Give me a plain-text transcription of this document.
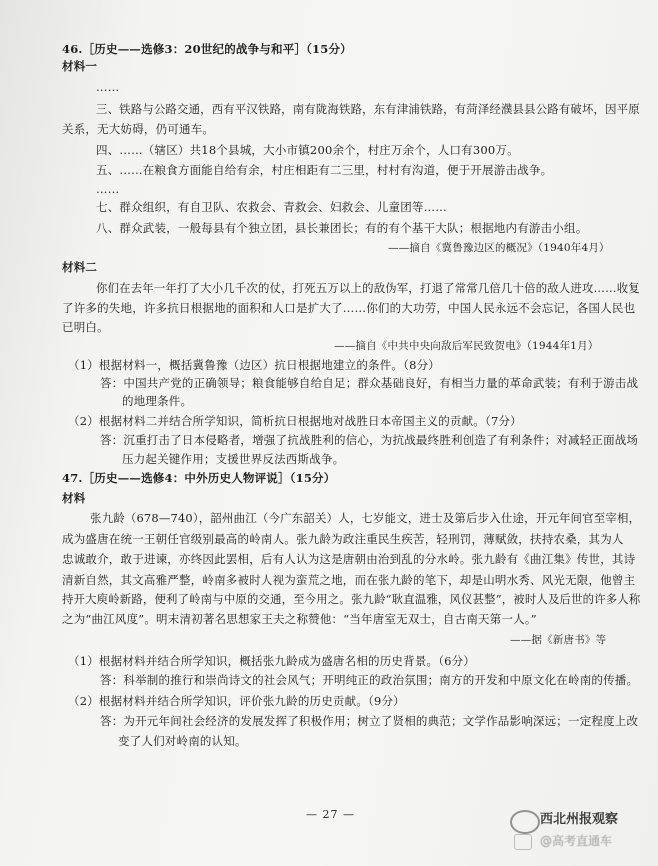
46.［历史——选修3：20世纪的战争与和平］（15分）
材料一
……
三、铁路与公路交通，西有平汉铁路，南有陇海铁路，东有津浦铁路，有菏泽经濮县县公路有破坏，因平原
关系，无大妨碍，仍可通车。
四、……（辖区）共18个县城，大小市镇200余个，村庄万余个，人口有300万。
五、……在粮食方面能自给有余，村庄相距有二三里，村村有沟道，便于开展游击战争。
……
七、群众组织，有自卫队、农救会、青救会、妇救会、儿童团等……
八、群众武装，一般每县有个独立团，县长兼团长；有的有个基干大队；根据地内有游击小组。
——摘自《冀鲁豫边区的概况》（1940年4月）
材料二
你们在去年一年打了大小几千次的仗，打死五万以上的敌伪军，打退了常常几倍几十倍的敌人进攻……收复
了许多的失地，许多抗日根据地的面积和人口是扩大了……你们的大功劳，中国人民永远不会忘记，各国人民也
已明白。
——摘自《中共中央向敌后军民致贺电》（1944年1月）
（1）根据材料一，概括冀鲁豫（边区）抗日根据地建立的条件。（8分）
答：中国共产党的正确领导；粮食能够自给自足；群众基础良好，有相当力量的革命武装；有利于游击战
的地理条件。
（2）根据材料二并结合所学知识，简析抗日根据地对战胜日本帝国主义的贡献。（7分）
答：沉重打击了日本侵略者，增强了抗战胜利的信心，为抗战最终胜利创造了有利条件；对减轻正面战场
压力起关键作用；支援世界反法西斯战争。
47.［历史——选修4：中外历史人物评说］（15分）
材料
张九龄（678—740），韶州曲江（今广东韶关）人，七岁能文，进士及第后步入仕途，开元年间官至宰相，
成为盛唐在统一王朝任官级别最高的岭南人。张九龄为政注重民生疾苦，轻刑罚，薄赋敛，扶持农桑，其为人
忠诚敢介，敢于进谏，亦终因此罢相，后有人认为这是唐朝由治到乱的分水岭。张九龄有《曲江集》传世，其诗
清新自然，其文高雅严整，岭南多被时人视为蛮荒之地，而在张九龄的笔下，却是山明水秀、风光无限，他曾主
持开大庾岭新路，便利了岭南与中原的交通，至今用之。张九龄“耿直温雅，风仪甚整”，被时人及后世的许多人称
之为“曲江风度”。明末清初著名思想家王夫之称赞他：“当年唐室无双士，自古南天第一人。”
——据《新唐书》等
（1）根据材料并结合所学知识，概括张九龄成为盛唐名相的历史背景。（6分）
答：科举制的推行和崇尚诗文的社会风气；开明纯正的政治氛围；南方的开发和中原文化在岭南的传播。
（2）根据材料并结合所学知识，评价张九龄的历史贡献。（9分）
答：为开元年间社会经济的发展发挥了积极作用；树立了贤相的典范；文学作品影响深远；一定程度上改
变了人们对岭南的认知。
— 27 —	西北州报观察
@高考直通车
